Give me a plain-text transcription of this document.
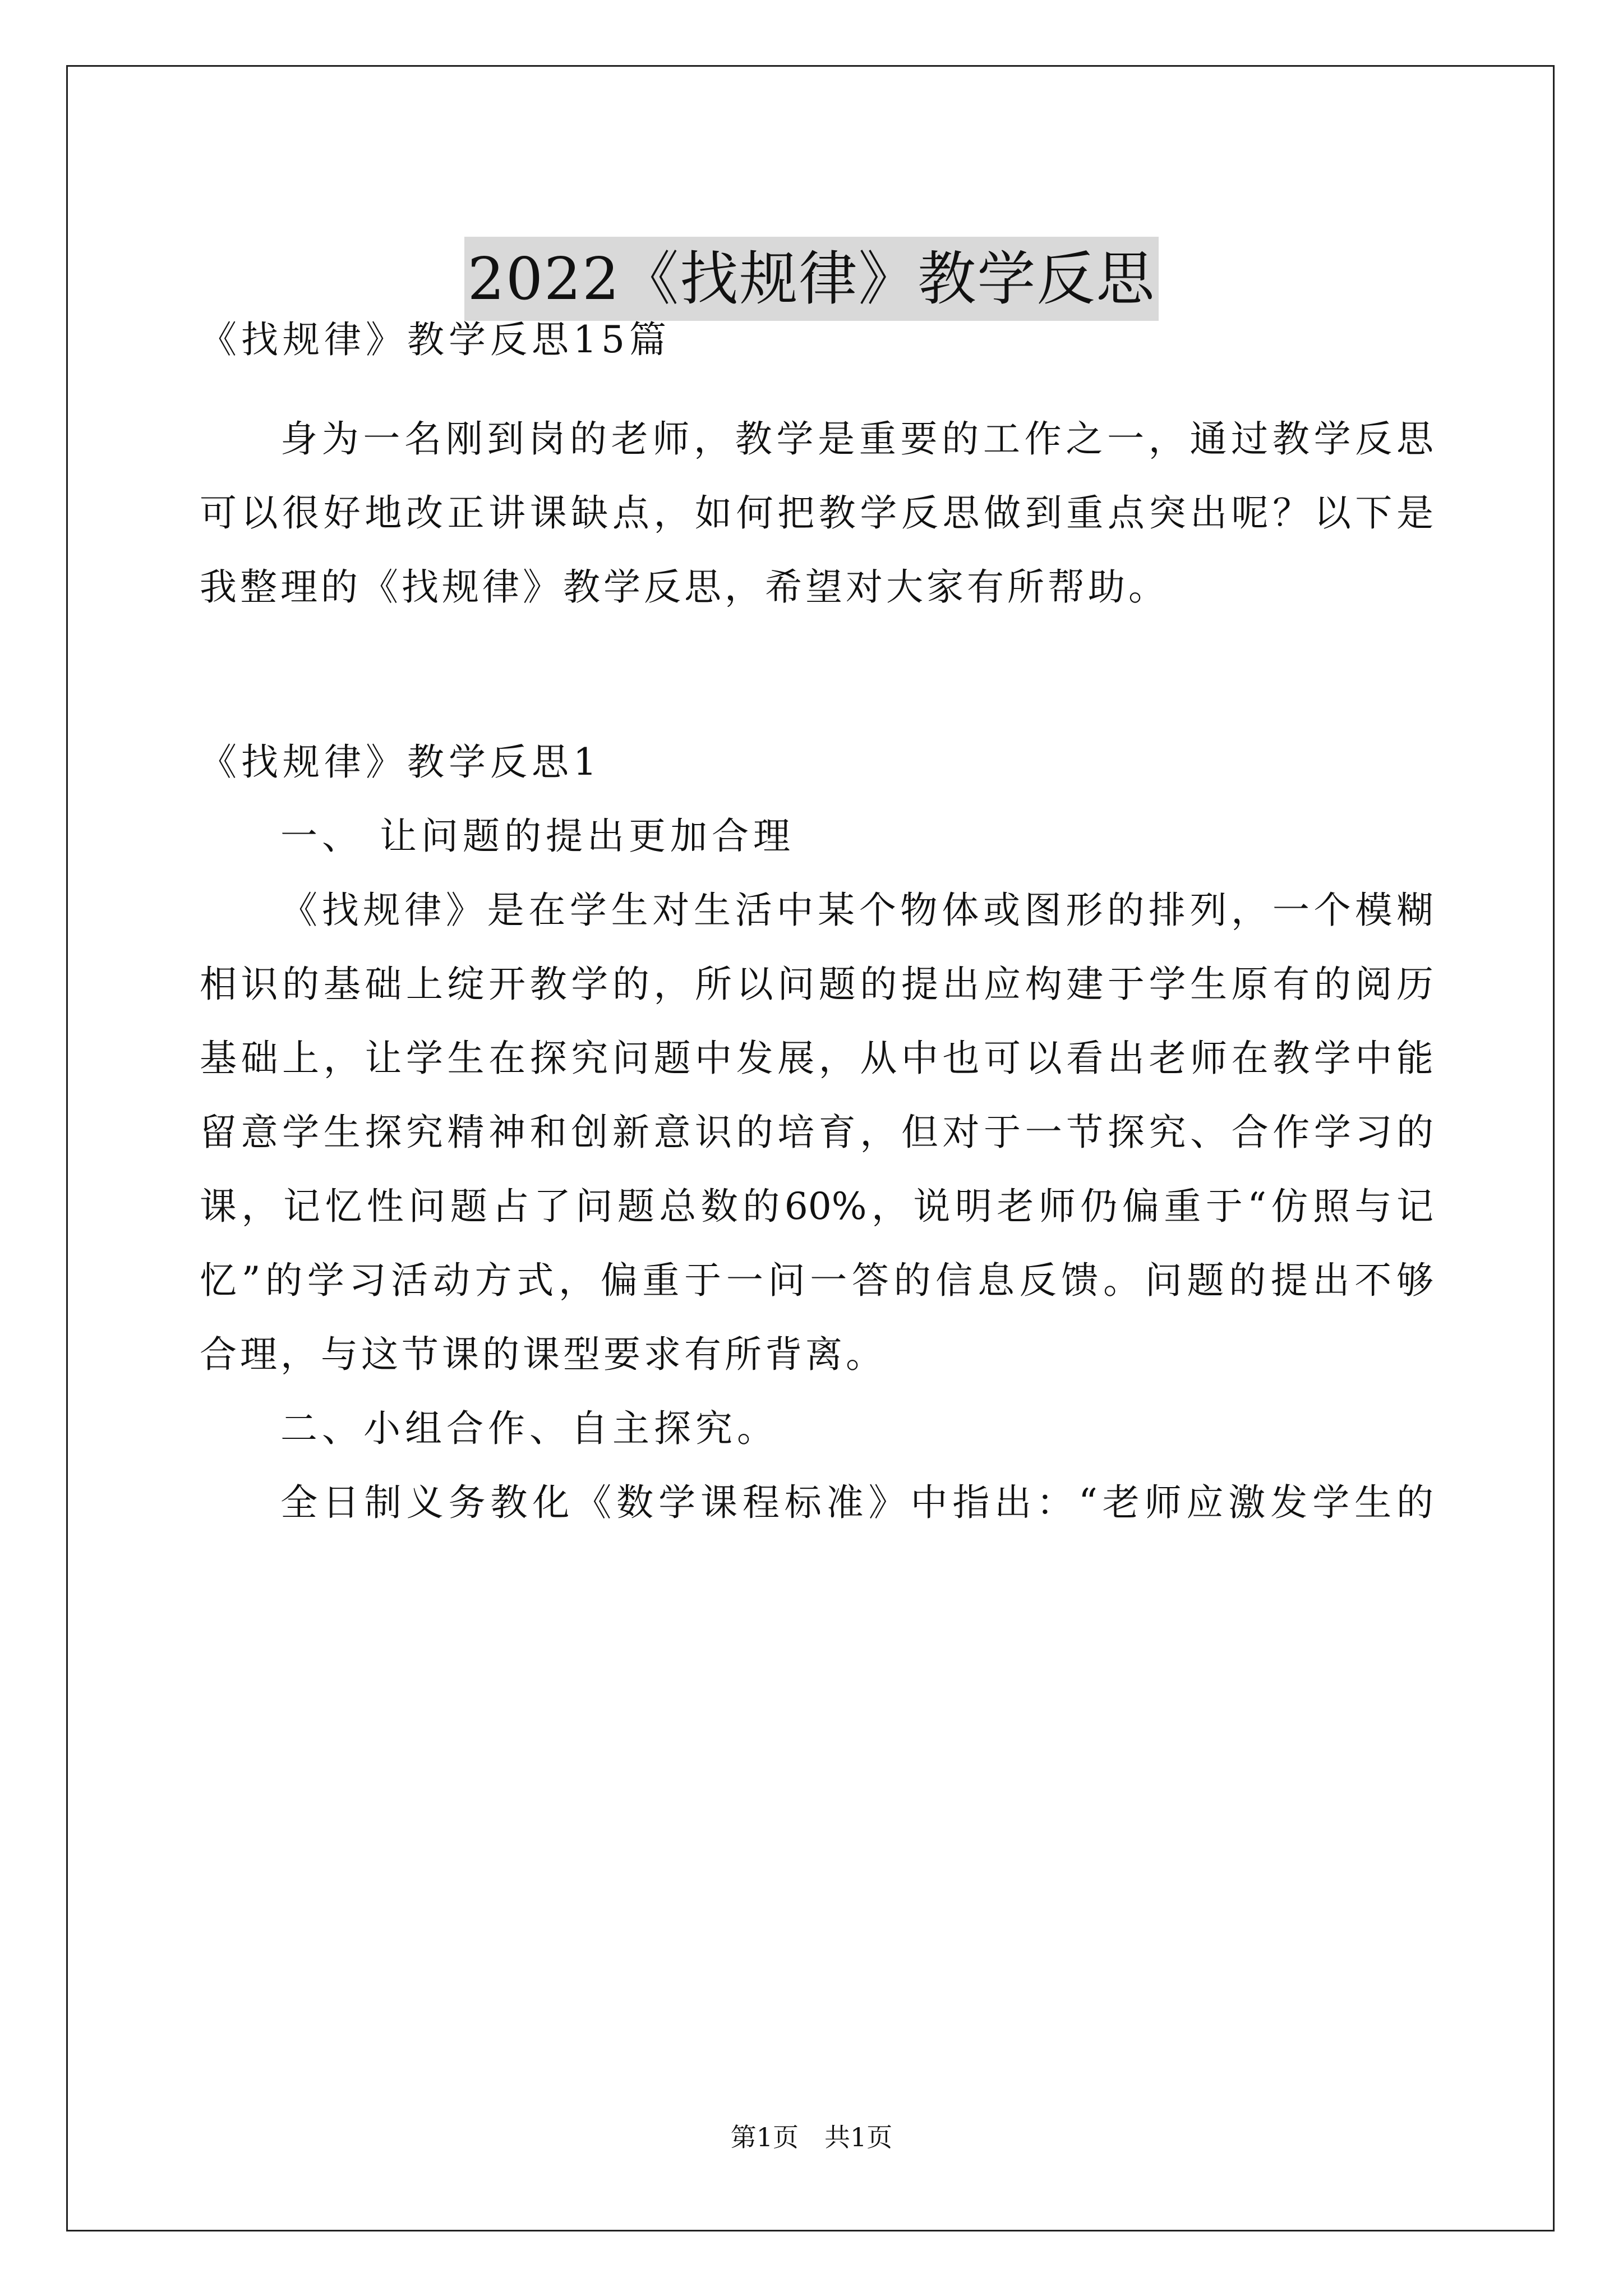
2022《找规律》教学反思
《找规律》教学反思15篇
身为一名刚到岗的老师，教学是重要的工作之一，通过教学反思
可以很好地改正讲课缺点，如何把教学反思做到重点突出呢？以下是
我整理的《找规律》教学反思，希望对大家有所帮助。
《找规律》教学反思1
一、 让问题的提出更加合理
《找规律》是在学生对生活中某个物体或图形的排列，一个模糊
相识的基础上绽开教学的，所以问题的提出应构建于学生原有的阅历
基础上，让学生在探究问题中发展，从中也可以看出老师在教学中能
留意学生探究精神和创新意识的培育，但对于一节探究、合作学习的
课，记忆性问题占了问题总数的60%，说明老师仍偏重于“仿照与记
忆”的学习活动方式，偏重于一问一答的信息反馈。问题的提出不够
合理，与这节课的课型要求有所背离。
二、小组合作、自主探究。
全日制义务教化《数学课程标准》中指出：“老师应激发学生的
第1页　共1页
